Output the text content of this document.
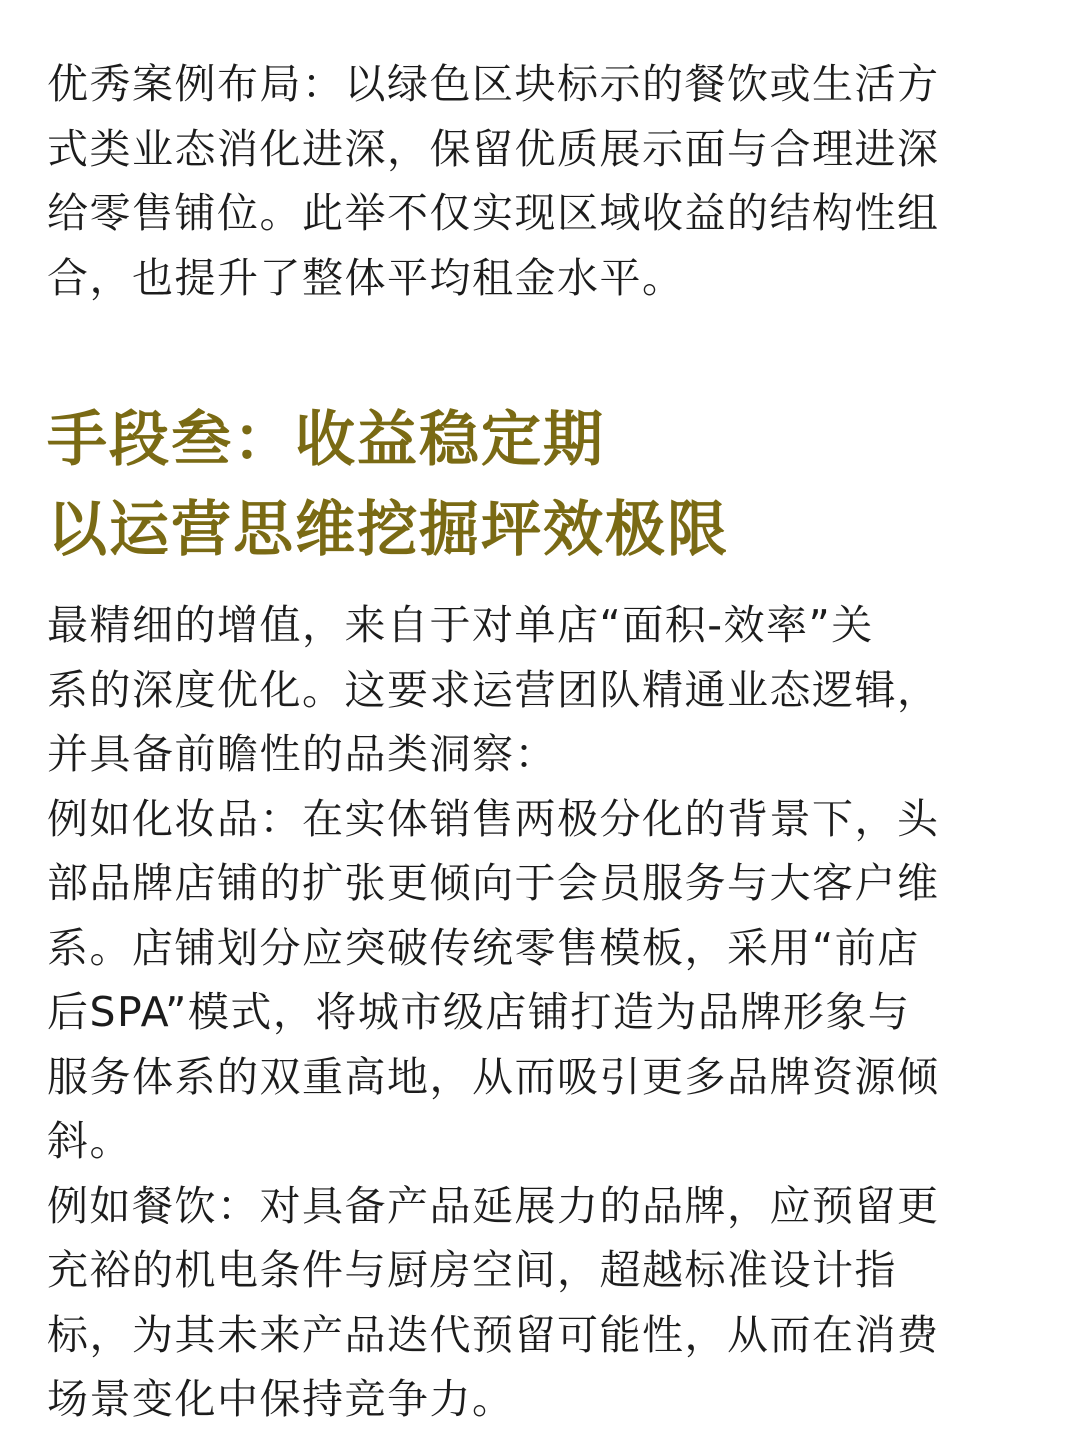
优秀案例布局：以绿色区块标示的餐饮或生活方
式类业态消化进深，保留优质展示面与合理进深
给零售铺位。此举不仅实现区域收益的结构性组
合，也提升了整体平均租金水平。

手段叁：收益稳定期
以运营思维挖掘坪效极限

最精细的增值，来自于对单店“面积-效率”关
系的深度优化。这要求运营团队精通业态逻辑，
并具备前瞻性的品类洞察：
例如化妆品：在实体销售两极分化的背景下，头
部品牌店铺的扩张更倾向于会员服务与大客户维
系。店铺划分应突破传统零售模板，采用“前店
后SPA”模式，将城市级店铺打造为品牌形象与
服务体系的双重高地，从而吸引更多品牌资源倾
斜。
例如餐饮：对具备产品延展力的品牌，应预留更
充裕的机电条件与厨房空间，超越标准设计指
标，为其未来产品迭代预留可能性，从而在消费
场景变化中保持竞争力。
